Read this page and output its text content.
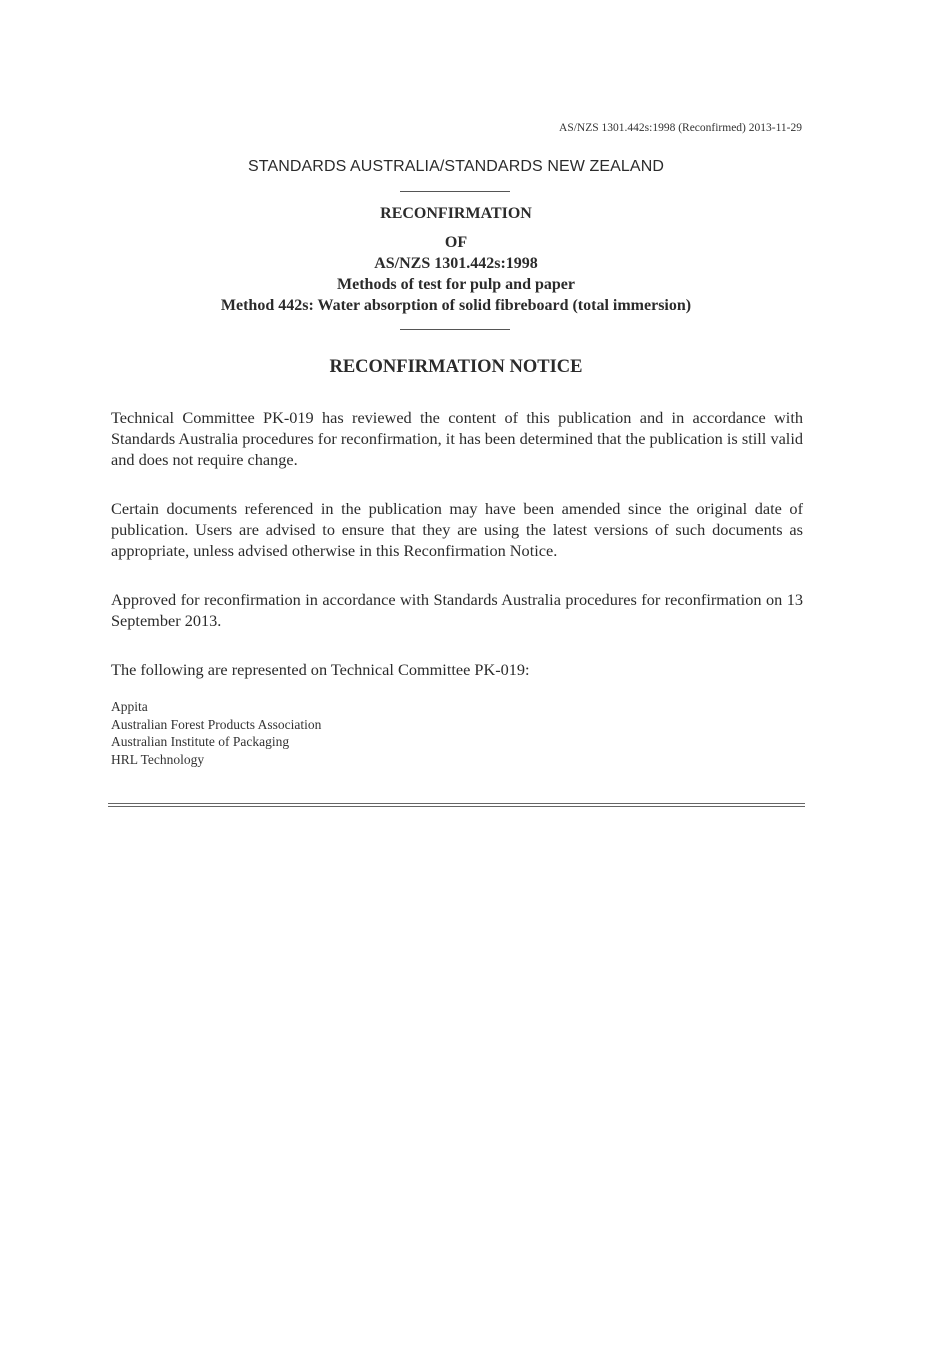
AS/NZS 1301.442s:1998 (Reconfirmed) 2013-11-29
STANDARDS AUSTRALIA/STANDARDS NEW ZEALAND
RECONFIRMATION
OF
AS/NZS 1301.442s:1998
Methods of test for pulp and paper
Method 442s: Water absorption of solid fibreboard (total immersion)
RECONFIRMATION NOTICE

Technical Committee PK-019 has reviewed the content of this publication and in accordance with Standards Australia procedures for reconfirmation, it has been determined that the publication is still valid and does not require change.

Certain documents referenced in the publication may have been amended since the original date of publication. Users are advised to ensure that they are using the latest versions of such documents as appropriate, unless advised otherwise in this Reconfirmation Notice.

Approved for reconfirmation in accordance with Standards Australia procedures for reconfirmation on 13 September 2013.

The following are represented on Technical Committee PK-019:

Appita
Australian Forest Products Association
Australian Institute of Packaging
HRL Technology
